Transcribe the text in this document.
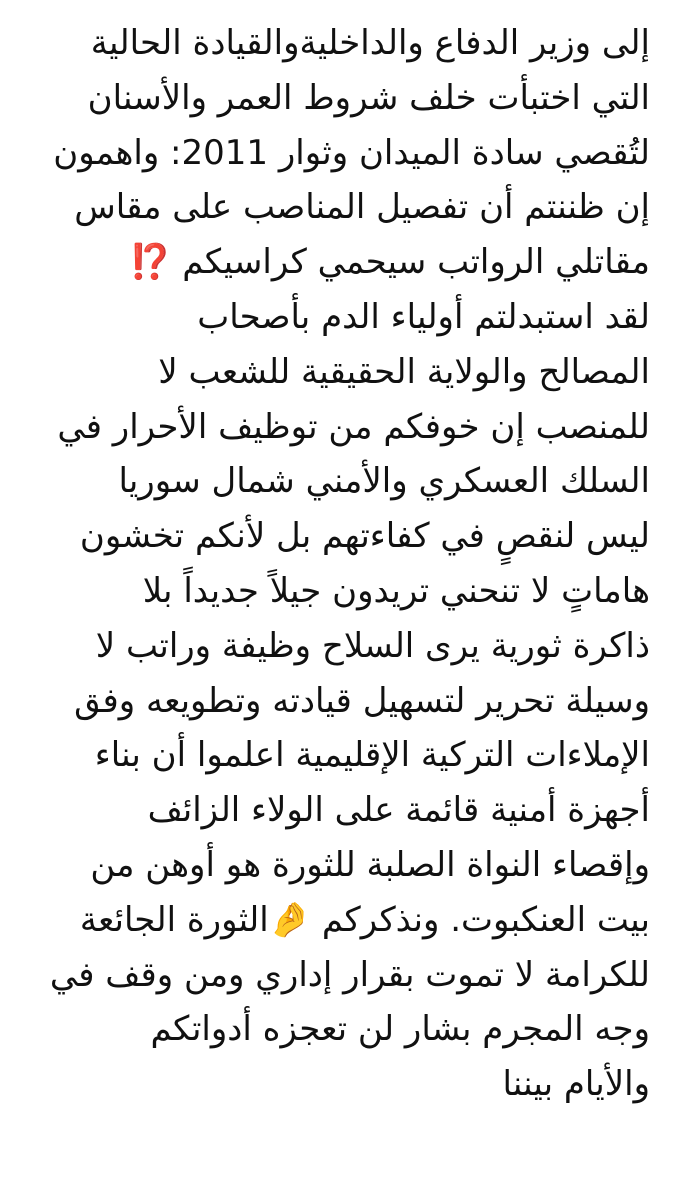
إلى وزير الدفاع والداخليةوالقيادة الحالية
التي اختبأت خلف شروط العمر والأسنان
لتُقصي سادة الميدان وثوار 2011: واهمون
إن ظننتم أن تفصيل المناصب على مقاس
مقاتلي الرواتب سيحمي كراسيكم ⁉️
لقد استبدلتم أولياء الدم بأصحاب
المصالح والولاية الحقيقية للشعب لا
للمنصب إن خوفكم من توظيف الأحرار في
السلك العسكري والأمني شمال سوريا
ليس لنقصٍ في كفاءتهم بل لأنكم تخشون
هاماتٍ لا تنحني تريدون جيلاً جديداً بلا
ذاكرة ثورية يرى السلاح وظيفة وراتب لا
وسيلة تحرير لتسهيل قيادته وتطويعه وفق
الإملاءات التركية الإقليمية اعلموا أن بناء
أجهزة أمنية قائمة على الولاء الزائف
وإقصاء النواة الصلبة للثورة هو أوهن من
بيت العنكبوت. ونذكركم 🤌الثورة الجائعة
للكرامة لا تموت بقرار إداري ومن وقف في
وجه المجرم بشار لن تعجزه أدواتكم
والأيام بيننا
